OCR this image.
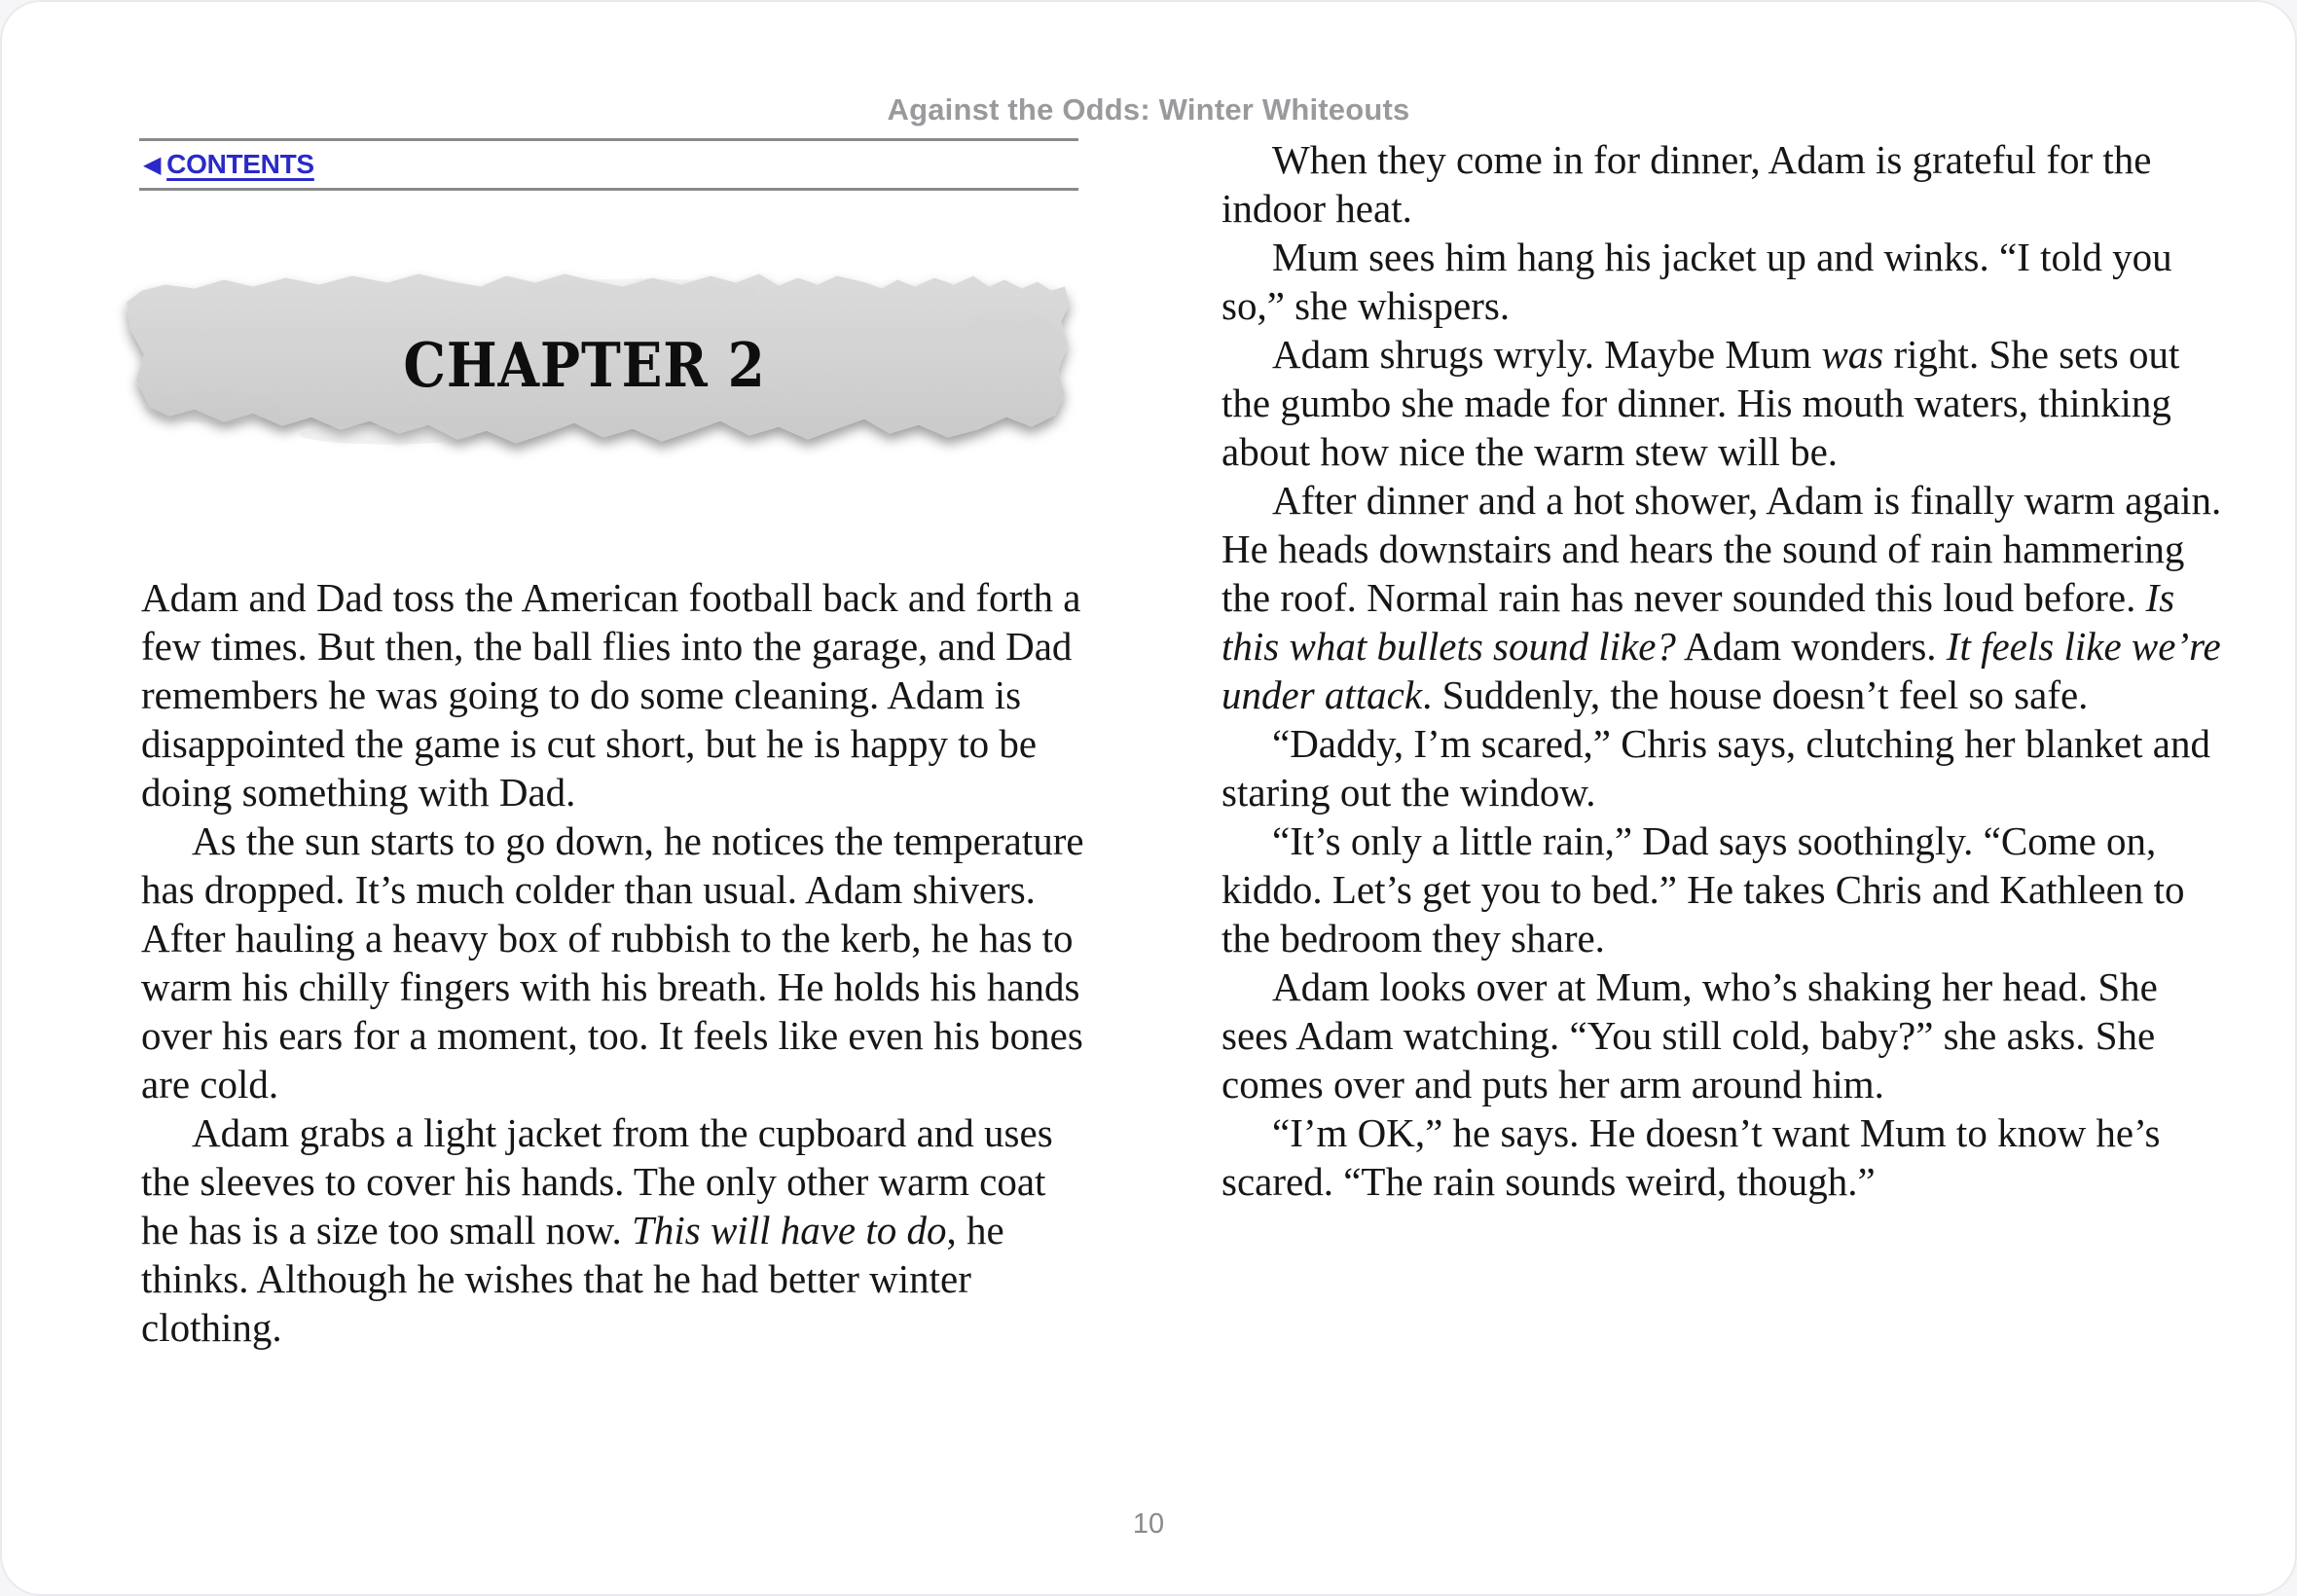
Against the Odds: Winter Whiteouts
◀ CONTENTS
CHAPTER 2

Adam and Dad toss the American football back and forth a few times. But then, the ball flies into the garage, and Dad remembers he was going to do some cleaning. Adam is disappointed the game is cut short, but he is happy to be doing something with Dad.

As the sun starts to go down, he notices the temperature has dropped. It’s much colder than usual. Adam shivers. After hauling a heavy box of rubbish to the kerb, he has to warm his chilly fingers with his breath. He holds his hands over his ears for a moment, too. It feels like even his bones are cold.

Adam grabs a light jacket from the cupboard and uses the sleeves to cover his hands. The only other warm coat he has is a size too small now. This will have to do, he thinks. Although he wishes that he had better winter clothing.

When they come in for dinner, Adam is grateful for the indoor heat.

Mum sees him hang his jacket up and winks. “I told you so,” she whispers.

Adam shrugs wryly. Maybe Mum was right. She sets out the gumbo she made for dinner. His mouth waters, thinking about how nice the warm stew will be.

After dinner and a hot shower, Adam is finally warm again. He heads downstairs and hears the sound of rain hammering the roof. Normal rain has never sounded this loud before. Is this what bullets sound like? Adam wonders. It feels like we’re under attack. Suddenly, the house doesn’t feel so safe.

“Daddy, I’m scared,” Chris says, clutching her blanket and staring out the window.

“It’s only a little rain,” Dad says soothingly. “Come on, kiddo. Let’s get you to bed.” He takes Chris and Kathleen to the bedroom they share.

Adam looks over at Mum, who’s shaking her head. She sees Adam watching. “You still cold, baby?” she asks. She comes over and puts her arm around him.

“I’m OK,” he says. He doesn’t want Mum to know he’s scared. “The rain sounds weird, though.”

10
